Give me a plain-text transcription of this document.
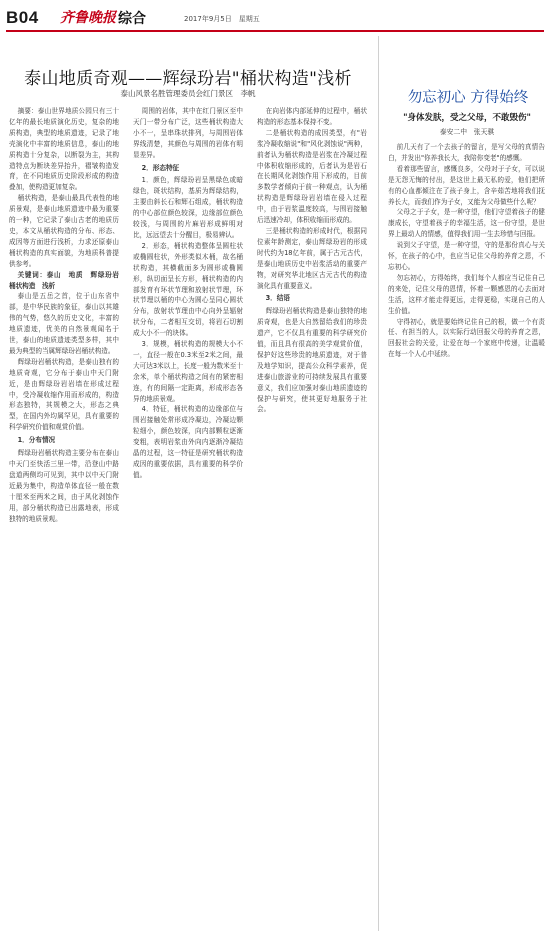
B04 齐鲁晚报 综合	2017年9月5日　星期五
泰山地质奇观——辉绿玢岩"桶状构造"浅析
泰山风景名胜管理委员会红门景区　李帆

摘要：泰山世界地质公园只有三十亿年的最长地质演化历史，复杂的地质构造，典型的地质遗迹，记录了地壳演化中丰富的地质信息，泰山的地质构造十分复杂，以断裂为主，其构造特点为断块差异抬升，褶皱构造发育，在不同地质历史阶段形成的构造叠加，使构造更加复杂。

桶状构造，是泰山最具代表性的地质景观，是泰山地质遗迹中最为重要的一种，它记录了泰山古老的地质历史，本文从桶状构造的分布、形态、成因等方面进行浅析，力求还原泰山桶状构造的真实面貌，为地质科普提供参考。

关键词：泰山　地质　辉绿玢岩　桶状构造　浅析

泰山是五岳之首，位于山东省中部，是中华民族的象征，泰山以其雄伟的气势，悠久的历史文化，丰富的地质遗迹，优美的自然景观闻名于世，泰山的地质遗迹类型多样，其中最为典型的当属辉绿玢岩桶状构造。

辉绿玢岩桶状构造，是泰山独有的地质奇观，它分布于泰山中天门附近，是由辉绿玢岩岩墙在形成过程中，受冷凝收缩作用而形成的，构造形态独特，其规模之大，形态之典型，在国内外均属罕见，具有重要的科学研究价值和观赏价值。

1．分布情况

辉绿玢岩桶状构造主要分布在泰山中天门至快活三里一带，沿登山中路盘道两侧均可见到，其中以中天门附近最为集中，构造单体直径一般在数十厘米至两米之间，由于风化剥蚀作用，部分桶状构造已出露地表，形成独特的地质景观。

周围的岩体，其中在红门景区至中天门一带分布广泛，这些桶状构造大小不一，呈串珠状排列，与周围岩体界线清楚，其颜色与周围的岩体有明显差异。

2．形态特征

1．颜色，辉绿玢岩呈黑绿色或暗绿色，斑状结构，基质为辉绿结构，主要由斜长石和辉石组成，桶状构造的中心部位颜色较深，边缘部位颜色较浅，与周围的片麻岩形成鲜明对比，远远望去十分醒目，极易辨认。

2．形态，桶状构造整体呈圆柱状或椭圆柱状，外形类似木桶，故名桶状构造，其横截面多为圆形或椭圆形，纵切面呈长方形，桶状构造的内部发育有环状节理和放射状节理，环状节理以桶的中心为圆心呈同心圆状分布，放射状节理由中心向外呈辐射状分布，二者相互交切，将岩石切割成大小不一的块体。

3．规模，桶状构造的规模大小不一，直径一般在0.3米至2米之间，最大可达3米以上，长度一般为数米至十余米，单个桶状构造之间有的紧密相连，有的间隔一定距离，形成形态各异的地质景观。

4．特征，桶状构造的边缘部位与围岩接触处常形成冷凝边，冷凝边颗粒细小，颜色较深，向内部颗粒逐渐变粗，表明岩浆由外向内逐渐冷凝结晶的过程，这一特征是研究桶状构造成因的重要依据，具有重要的科学价值。

在向岩体内部延伸的过程中，桶状构造的形态基本保持不变。

二是桶状构造的成因类型，有"岩浆冷凝收缩说"和"风化剥蚀说"两种，前者认为桶状构造是岩浆在冷凝过程中体积收缩形成的，后者认为是岩石在长期风化剥蚀作用下形成的，目前多数学者倾向于前一种观点，认为桶状构造是辉绿玢岩岩墙在侵入过程中，由于岩浆温度较高，与围岩接触后迅速冷却，体积收缩而形成的。

三是桶状构造的形成时代，根据同位素年龄测定，泰山辉绿玢岩的形成时代约为18亿年前，属于古元古代，是泰山地质历史中岩浆活动的重要产物，对研究华北地区古元古代的构造演化具有重要意义。

3．结语

辉绿玢岩桶状构造是泰山独特的地质奇观，也是大自然留给我们的珍贵遗产，它不仅具有重要的科学研究价值，而且具有很高的美学观赏价值，保护好这些珍贵的地质遗迹，对于普及地学知识，提高公众科学素养，促进泰山旅游业的可持续发展具有重要意义，我们应加强对泰山地质遗迹的保护与研究，使其更好地服务于社会。

勿忘初心 方得始终
"身体发肤，受之父母，不敢毁伤"
泰安二中　张天骐

前几天有了一个去孩子的留言，是写父母的真情告白，并发出"你养我长大，我陪你变老"的感慨。

看着那些留言，感慨良多，父母对于子女，可以说是无怨无悔的付出，是这世上最无私的爱，他们把所有的心血都倾注在了孩子身上，含辛茹苦地将我们抚养长大，而我们作为子女，又能为父母做些什么呢？

父母之于子女，是一种守望，他们守望着孩子的健康成长，守望着孩子的幸福生活，这一份守望，是世界上最动人的情感，值得我们用一生去珍惜与回报。

说到父子守望，是一种守望，守的是那份真心与关怀，在孩子的心中，也应当记住父母的养育之恩，不忘初心。

勿忘初心，方得始终，我们每个人都应当记住自己的来处，记住父母的恩情，怀着一颗感恩的心去面对生活，这样才能走得更远，走得更稳，实现自己的人生价值。

守得初心，就是要始终记住自己的根，做一个有责任、有担当的人，以实际行动回报父母的养育之恩，回报社会的关爱，让爱在每一个家庭中传递，让温暖在每一个人心中延续。
